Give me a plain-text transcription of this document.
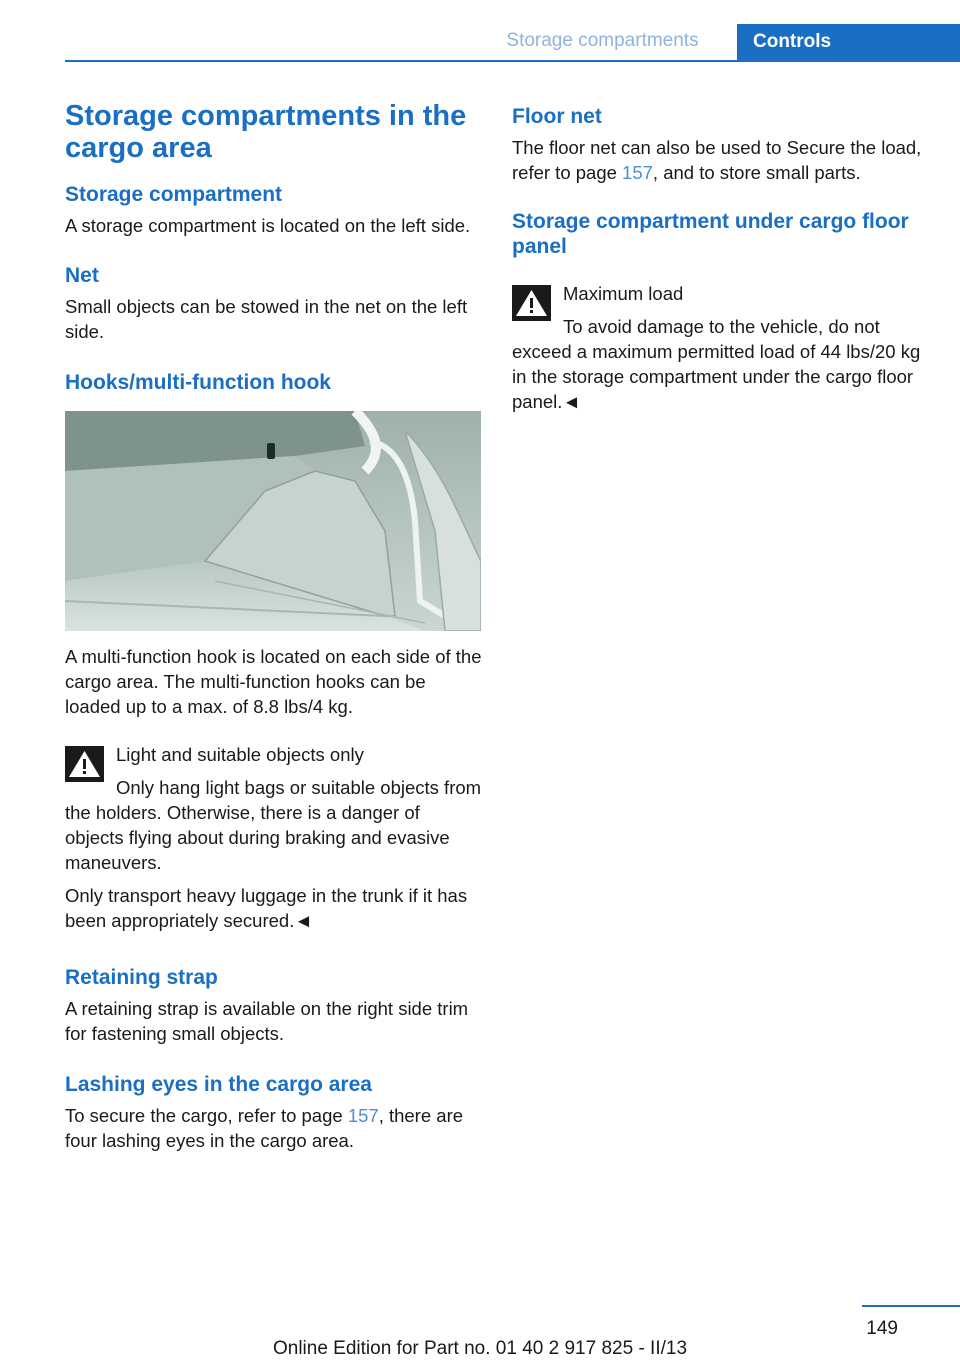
Storage compartments	Controls
Storage compartments in the cargo area
Storage compartment

A storage compartment is located on the left side.

Net

Small objects can be stowed in the net on the left side.

Hooks/multi-function hook

A multi-function hook is located on each side of the cargo area. The multi-function hooks can be loaded up to a max. of 8.8 lbs/4 kg.

Light and suitable objects only
Only hang light bags or suitable objects from the holders. Otherwise, there is a danger of objects flying about during braking and evasive maneuvers.
Only transport heavy luggage in the trunk if it has been appropriately secured.◄
Retaining strap

A retaining strap is available on the right side trim for fastening small objects.

Lashing eyes in the cargo area

To secure the cargo, refer to page 157, there are four lashing eyes in the cargo area.

Floor net

The floor net can also be used to Secure the load, refer to page 157, and to store small parts.

Storage compartment under cargo floor panel
Maximum load
To avoid damage to the vehicle, do not exceed a maximum permitted load of 44 lbs/20 kg in the storage compartment under the cargo floor panel.◄
149
Online Edition for Part no. 01 40 2 917 825 - II/13
